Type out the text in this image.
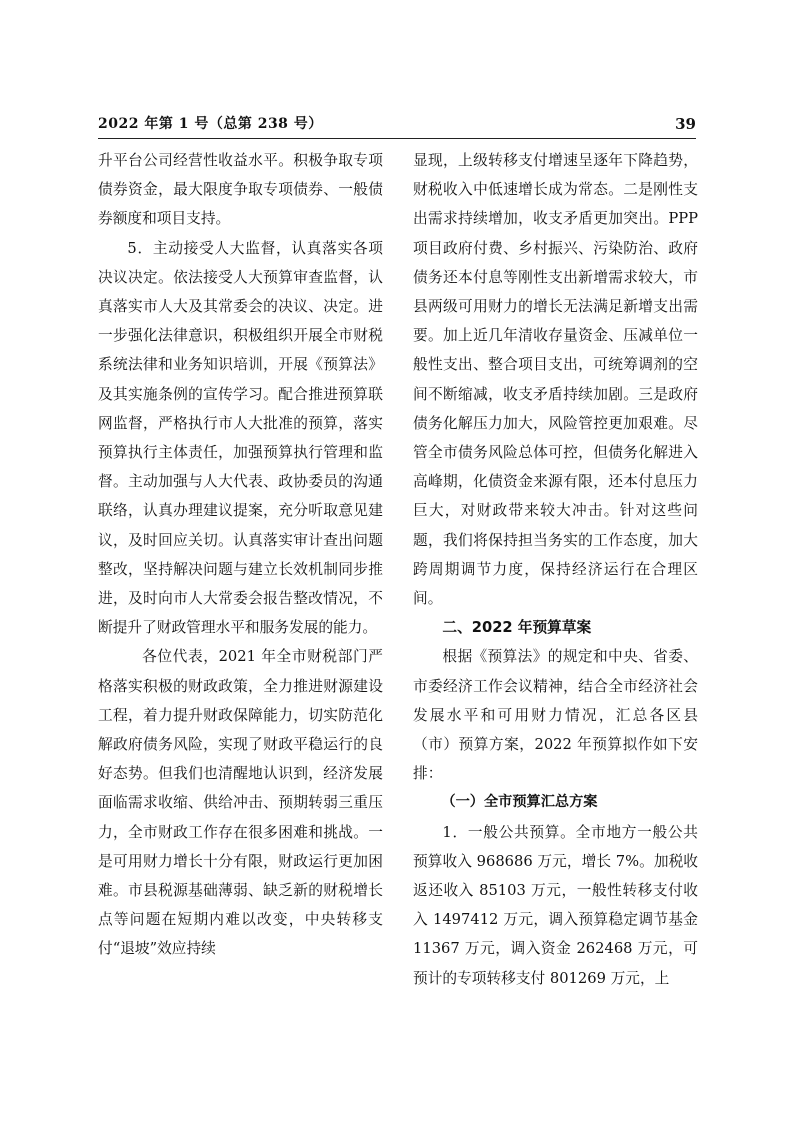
2022 年第 1 号（总第 238 号）	39

升平台公司经营性收益水平。积极争取专项债券资金，最大限度争取专项债券、一般债券额度和项目支持。

5．主动接受人大监督，认真落实各项决议决定。依法接受人大预算审查监督，认真落实市人大及其常委会的决议、决定。进一步强化法律意识，积极组织开展全市财税系统法律和业务知识培训，开展《预算法》及其实施条例的宣传学习。配合推进预算联网监督，严格执行市人大批准的预算，落实预算执行主体责任，加强预算执行管理和监督。主动加强与人大代表、政协委员的沟通联络，认真办理建议提案，充分听取意见建议，及时回应关切。认真落实审计查出问题整改，坚持解决问题与建立长效机制同步推进，及时向市人大常委会报告整改情况，不断提升了财政管理水平和服务发展的能力。

各位代表，2021 年全市财税部门严格落实积极的财政政策，全力推进财源建设工程，着力提升财政保障能力，切实防范化解政府债务风险，实现了财政平稳运行的良好态势。但我们也清醒地认识到，经济发展面临需求收缩、供给冲击、预期转弱三重压力，全市财政工作存在很多困难和挑战。一是可用财力增长十分有限，财政运行更加困难。市县税源基础薄弱、缺乏新的财税增长点等问题在短期内难以改变，中央转移支付“退坡”效应持续

显现，上级转移支付增速呈逐年下降趋势，财税收入中低速增长成为常态。二是刚性支出需求持续增加，收支矛盾更加突出。PPP 项目政府付费、乡村振兴、污染防治、政府债务还本付息等刚性支出新增需求较大，市县两级可用财力的增长无法满足新增支出需要。加上近几年清收存量资金、压减单位一般性支出、整合项目支出，可统筹调剂的空间不断缩减，收支矛盾持续加剧。三是政府债务化解压力加大，风险管控更加艰难。尽管全市债务风险总体可控，但债务化解进入高峰期，化债资金来源有限，还本付息压力巨大，对财政带来较大冲击。针对这些问题，我们将保持担当务实的工作态度，加大跨周期调节力度，保持经济运行在合理区间。

二、2022 年预算草案

根据《预算法》的规定和中央、省委、市委经济工作会议精神，结合全市经济社会发展水平和可用财力情况，汇总各区县（市）预算方案，2022 年预算拟作如下安排：

（一）全市预算汇总方案

1．一般公共预算。全市地方一般公共预算收入 968686 万元，增长 7%。加税收返还收入 85103 万元，一般性转移支付收入 1497412 万元，调入预算稳定调节基金 11367 万元，调入资金 262468 万元，可预计的专项转移支付 801269 万元，上
